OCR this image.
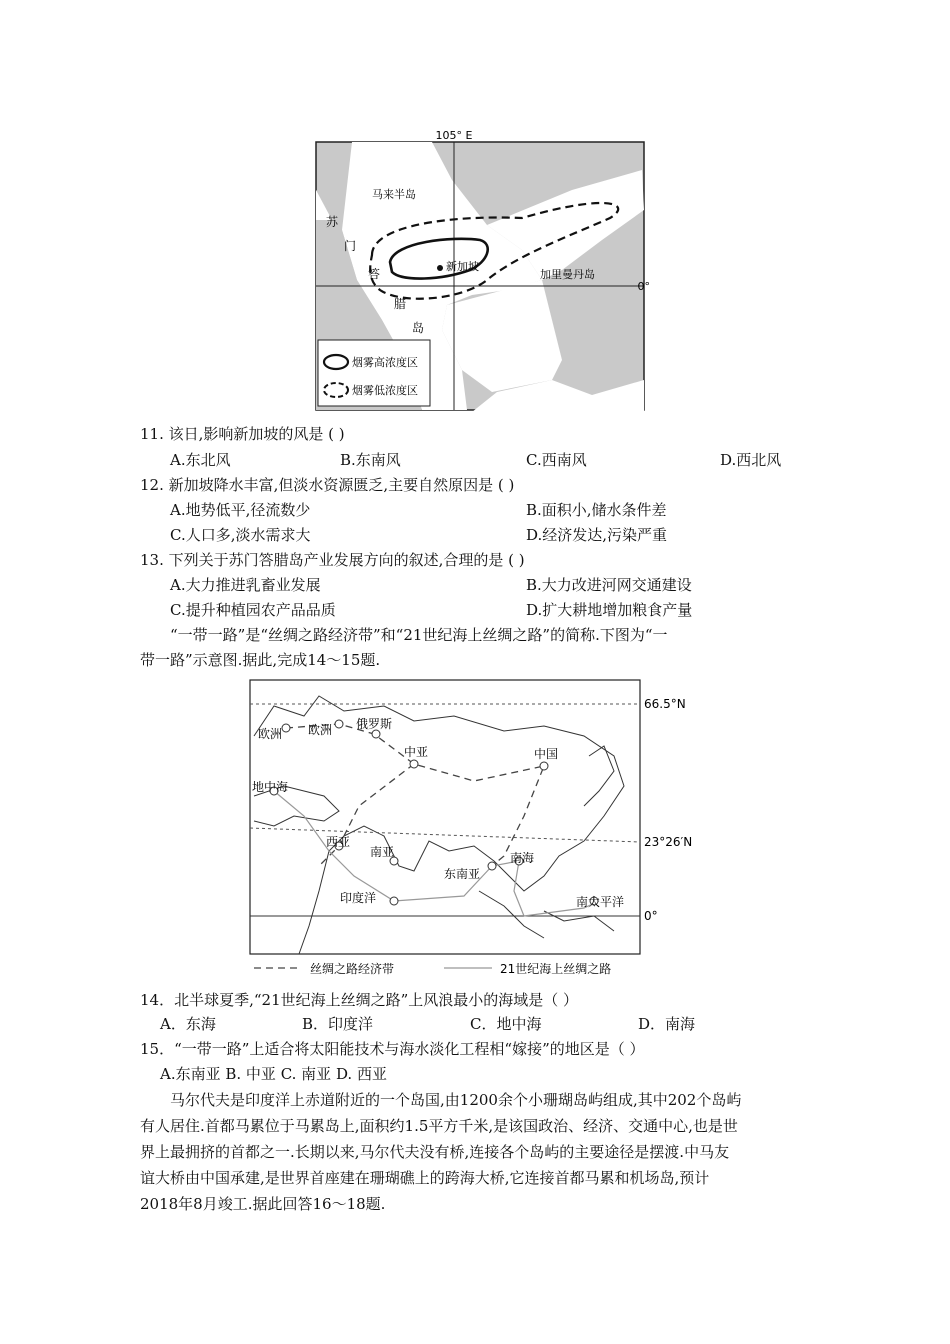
105° E
0°
马来半岛
苏
门
答
腊
岛
新加坡
加里曼丹岛
烟雾高浓度区
烟雾低浓度区
11. 该日,影响新加坡的风是 ( )
A.东北风	B.东南风	C.西南风	D.西北风
12. 新加坡降水丰富,但淡水资源匮乏,主要自然原因是 ( )
A.地势低平,径流数少	B.面积小,储水条件差
C.人口多,淡水需求大	D.经济发达,污染严重
13. 下列关于苏门答腊岛产业发展方向的叙述,合理的是 ( )
A.大力推进乳畜业发展	B.大力改进河网交通建设
C.提升种植园农产品品质	D.扩大耕地增加粮食产量
“一带一路”是“丝绸之路经济带”和“21世纪海上丝绸之路”的简称.下图为“一
带一路”示意图.据此,完成14～15题.
欧洲 欧洲 俄罗斯
中亚	中国
地中海
西亚
南亚
东南亚
南海
印度洋	南太平洋
66.5°N
23°26′N
0°
丝绸之路经济带	21世纪海上丝绸之路
14．北半球夏季,“21世纪海上丝绸之路”上风浪最小的海域是（ ）
A．东海	B．印度洋	C．地中海	D．南海
15．“一带一路”上适合将太阳能技术与海水淡化工程相“嫁接”的地区是（ ）
A.东南亚 B. 中亚 C. 南亚 D. 西亚
马尔代夫是印度洋上赤道附近的一个岛国,由1200余个小珊瑚岛屿组成,其中202个岛屿
有人居住.首都马累位于马累岛上,面积约1.5平方千米,是该国政治、经济、交通中心,也是世
界上最拥挤的首都之一.长期以来,马尔代夫没有桥,连接各个岛屿的主要途径是摆渡.中马友
谊大桥由中国承建,是世界首座建在珊瑚礁上的跨海大桥,它连接首都马累和机场岛,预计
2018年8月竣工.据此回答16～18题.
